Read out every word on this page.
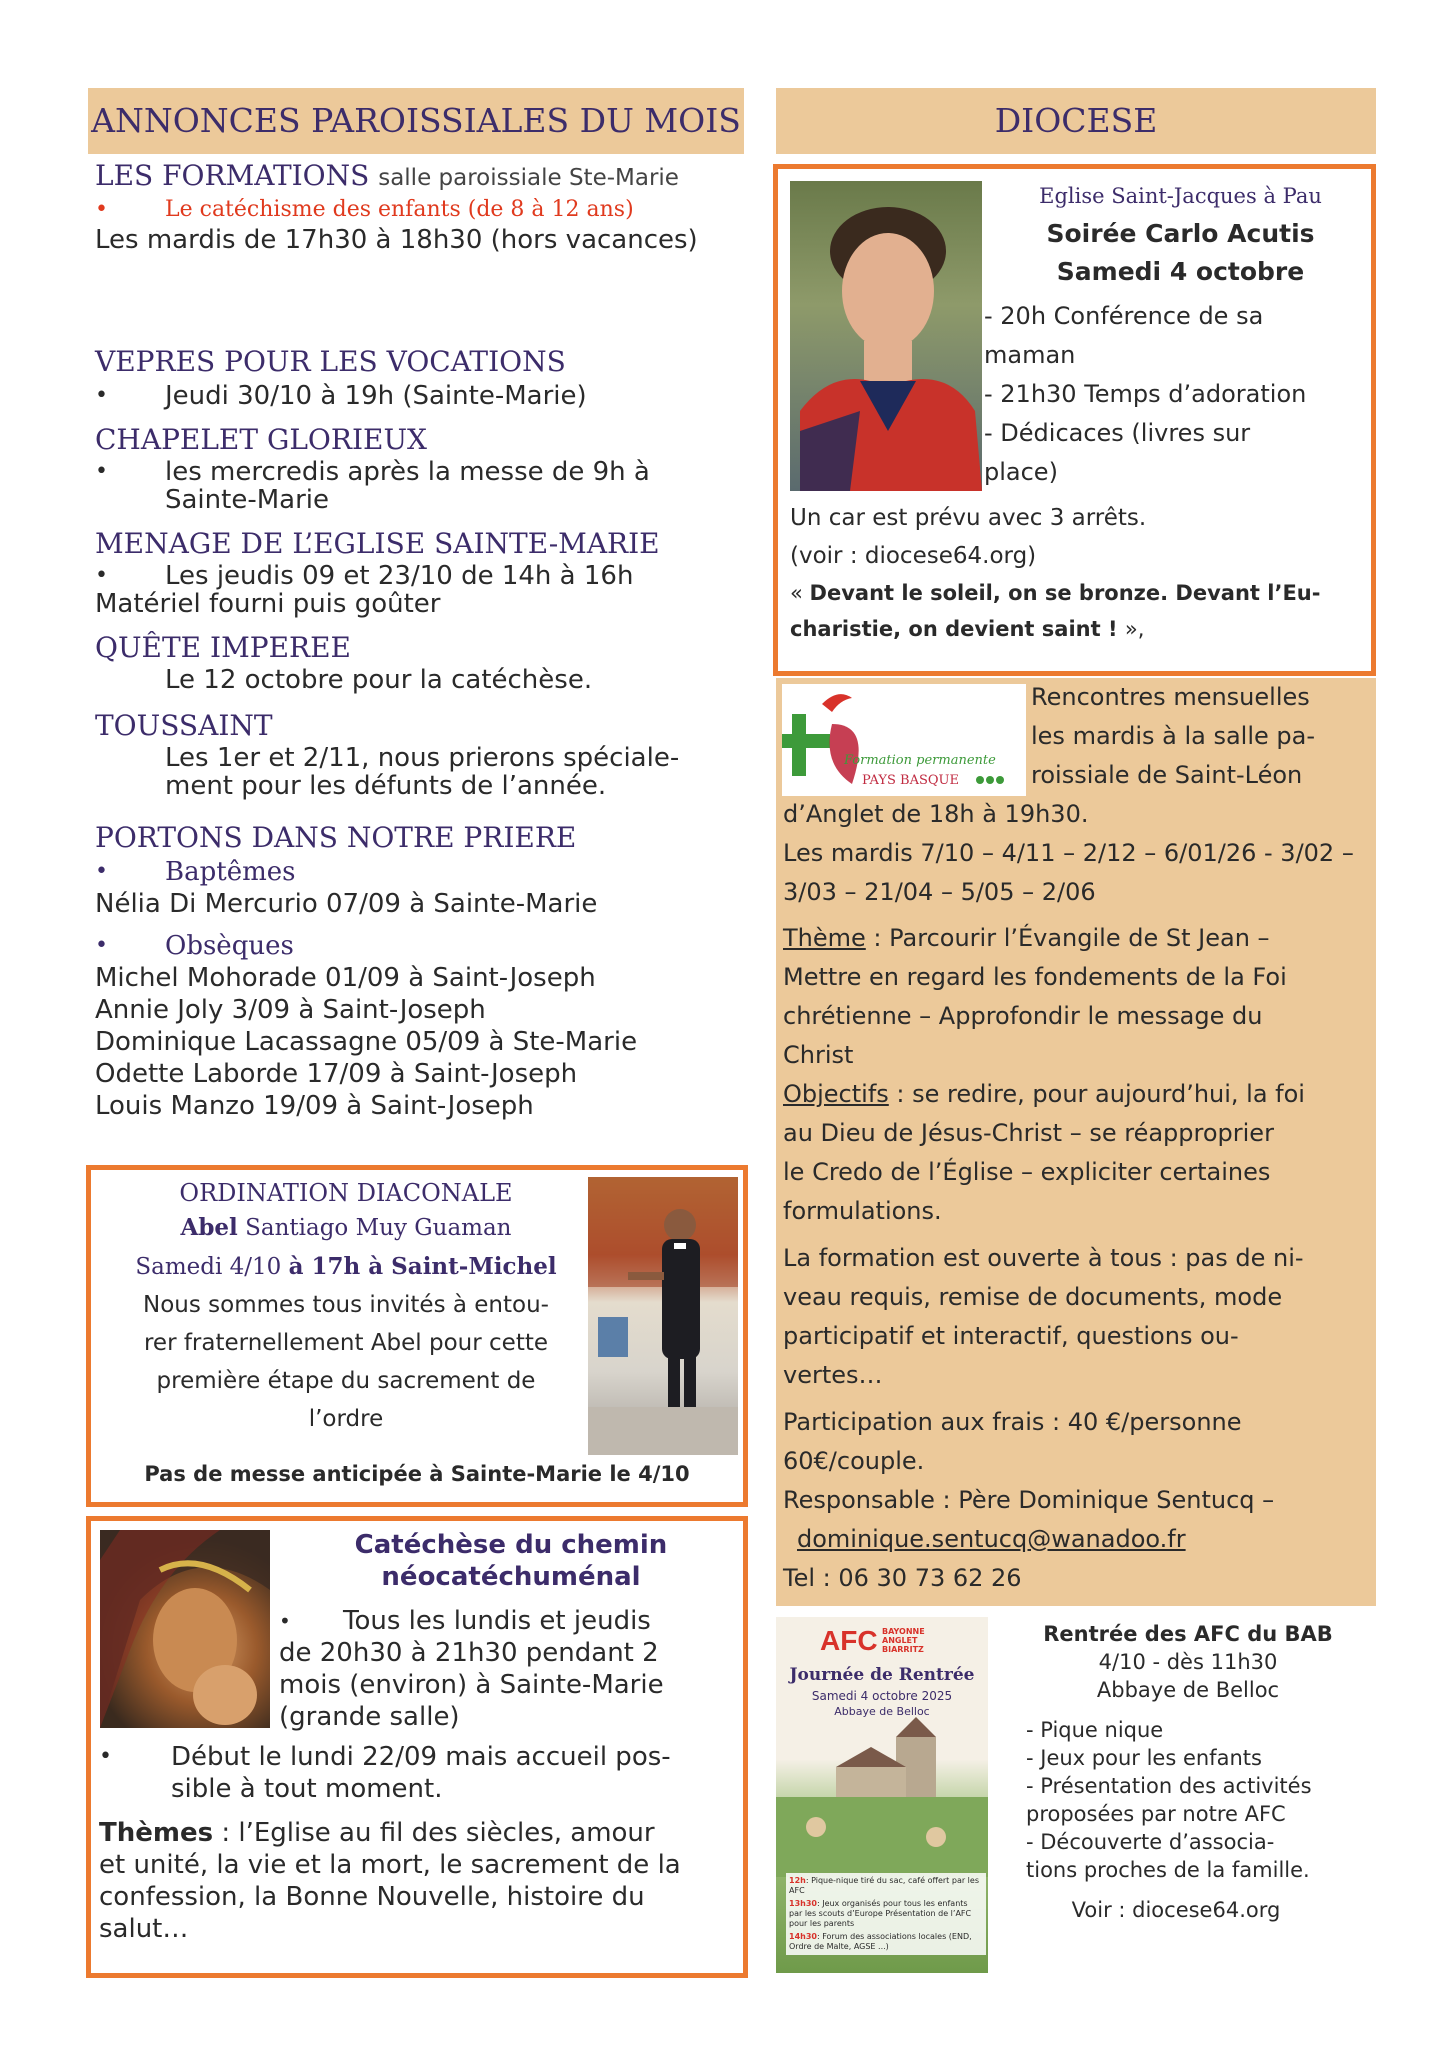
ANNONCES PAROISSIALES DU MOIS

LES FORMATIONS salle paroissiale Ste-Marie

• Le catéchisme des enfants (de 8 à 12 ans)

Les mardis de 17h30 à 18h30 (hors vacances)

VEPRES POUR LES VOCATIONS

• Jeudi 30/10 à 19h (Sainte-Marie)

CHAPELET GLORIEUX

• les mercredis après la messe de 9h à

Sainte-Marie

MENAGE DE L’EGLISE SAINTE-MARIE

• Les jeudis 09 et 23/10 de 14h à 16h

Matériel fourni puis goûter

QUÊTE IMPEREE

Le 12 octobre pour la catéchèse.

TOUSSAINT

Les 1er et 2/11, nous prierons spéciale-

ment pour les défunts de l’année.

PORTONS DANS NOTRE PRIERE

• Baptêmes

Nélia Di Mercurio 07/09 à Sainte-Marie

• Obsèques

Michel Mohorade 01/09 à Saint-Joseph

Annie Joly 3/09 à Saint-Joseph

Dominique Lacassagne 05/09 à Ste-Marie

Odette Laborde 17/09 à Saint-Joseph

Louis Manzo 19/09 à Saint-Joseph

ORDINATION DIACONALE

Abel Santiago Muy Guaman

Samedi 4/10 à 17h à Saint-Michel

Nous sommes tous invités à entou-

rer fraternellement Abel pour cette

première étape du sacrement de

l’ordre

Pas de messe anticipée à Sainte-Marie le 4/10

Catéchèse du chemin

néocatéchuménal

• Tous les lundis et jeudis

de 20h30 à 21h30 pendant 2

mois (environ) à Sainte-Marie

(grande salle)

• Début le lundi 22/09 mais accueil pos-

sible à tout moment.

Thèmes : l’Eglise au fil des siècles, amour

et unité, la vie et la mort, le sacrement de la

confession, la Bonne Nouvelle, histoire du

salut…

DIOCESE

Eglise Saint-Jacques à Pau

Soirée Carlo Acutis

Samedi 4 octobre

- 20h Conférence de sa

maman

- 21h30 Temps d’adoration

- Dédicaces (livres sur

place)

Un car est prévu avec 3 arrêts.

(voir : diocese64.org)

« Devant le soleil, on se bronze. Devant l’Eu-

charistie, on devient saint ! »,

Formation permanente
PAYS BASQUE

Rencontres mensuelles

les mardis à la salle pa-

roissiale de Saint-Léon

d’Anglet de 18h à 19h30.

Les mardis 7/10 – 4/11 – 2/12 – 6/01/26 - 3/02 –

3/03 – 21/04 – 5/05 – 2/06

Thème : Parcourir l’Évangile de St Jean –

Mettre en regard les fondements de la Foi

chrétienne – Approfondir le message du

Christ

Objectifs : se redire, pour aujourd’hui, la foi

au Dieu de Jésus-Christ – se réapproprier

le Credo de l’Église – expliciter certaines

formulations.

La formation est ouverte à tous : pas de ni-

veau requis, remise de documents, mode

participatif et interactif, questions ou-

vertes…

Participation aux frais : 40 €/personne

60€/couple.

Responsable : Père Dominique Sentucq –

dominique.sentucq@wanadoo.fr

Tel : 06 30 73 62 26

AFC BAYONNE
ANGLET
BIARRITZ
Journée de Rentrée
Samedi 4 octobre 2025
Abbaye de Belloc
12h: Pique-nique tiré du sac, café offert par les AFC
13h30: Jeux organisés pour tous les enfants par les scouts d’Europe Présentation de l’AFC pour les parents
14h30: Forum des associations locales (END, Ordre de Malte, AGSE ...)

Rentrée des AFC du BAB

4/10 - dès 11h30

Abbaye de Belloc

- Pique nique

- Jeux pour les enfants

- Présentation des activités

proposées par notre AFC

- Découverte d’associa-

tions proches de la famille.

Voir : diocese64.org
